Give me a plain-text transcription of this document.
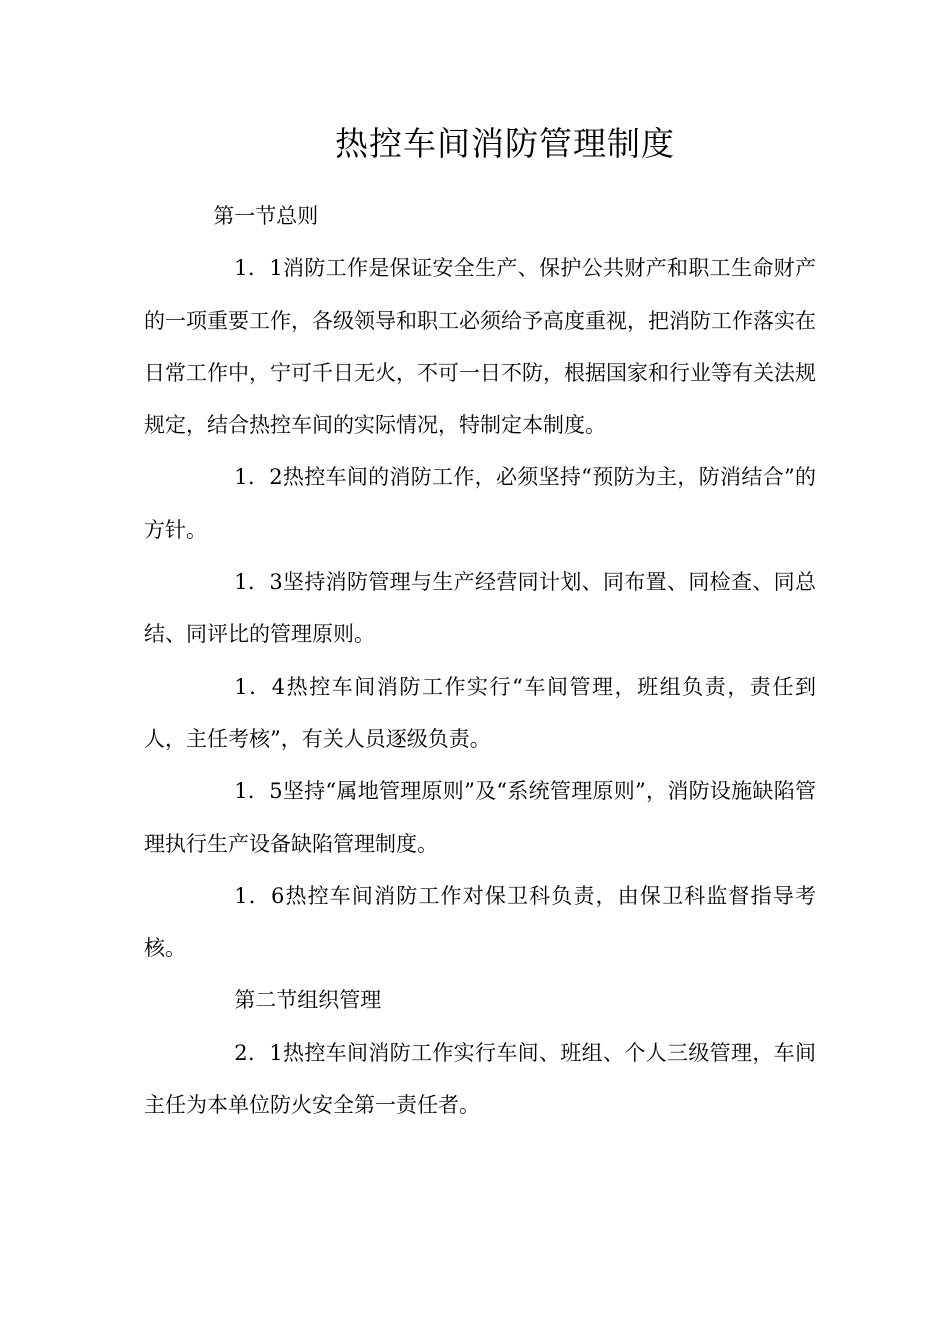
热控车间消防管理制度

第一节总则

1．1消防工作是保证安全生产、保护公共财产和职工生命财产的一项重要工作，各级领导和职工必须给予高度重视，把消防工作落实在日常工作中，宁可千日无火，不可一日不防，根据国家和行业等有关法规规定，结合热控车间的实际情况，特制定本制度。

1．2热控车间的消防工作，必须坚持“预防为主，防消结合”的方针。

1．3坚持消防管理与生产经营同计划、同布置、同检查、同总结、同评比的管理原则。

1．4热控车间消防工作实行“车间管理，班组负责，责任到人，主任考核”，有关人员逐级负责。

1．5坚持“属地管理原则”及“系统管理原则”，消防设施缺陷管理执行生产设备缺陷管理制度。

1．6热控车间消防工作对保卫科负责，由保卫科监督指导考核。

第二节组织管理

2．1热控车间消防工作实行车间、班组、个人三级管理，车间主任为本单位防火安全第一责任者。
